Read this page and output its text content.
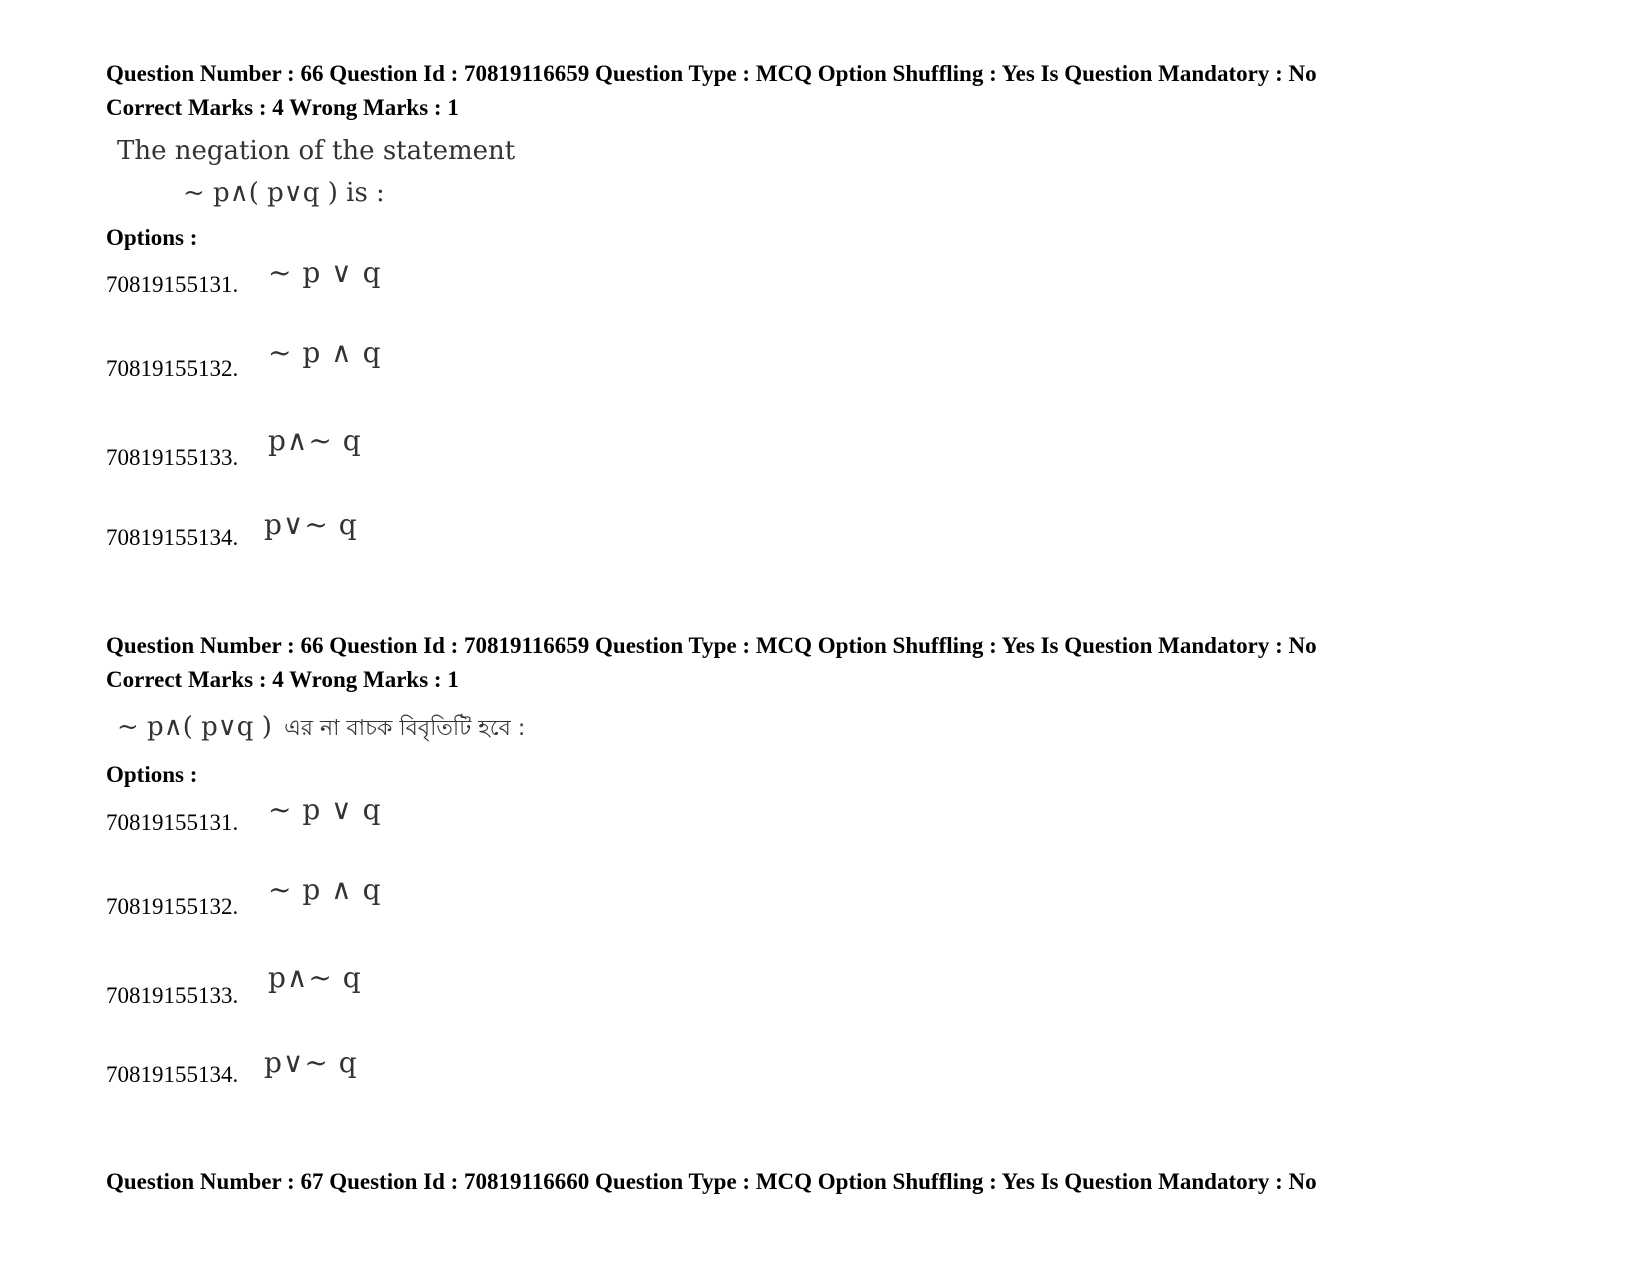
Question Number : 66 Question Id : 70819116659 Question Type : MCQ Option Shuffling : Yes Is Question Mandatory : No
Correct Marks : 4 Wrong Marks : 1
The negation of the statement
~ p∧( p∨q ) is :
Options :
70819155131. ~ p ∨ q
70819155132. ~ p ∧ q
70819155133.
p∧~ q
70819155134. p∨~ q
Question Number : 66 Question Id : 70819116659 Question Type : MCQ Option Shuffling : Yes Is Question Mandatory : No
Correct Marks : 4 Wrong Marks : 1
~ p∧( p∨q ) এর না বাচক বিবৃতিটি হবে :
Options :
70819155131. ~ p ∨ q
70819155132.
~ p ∧ q
70819155133.
p∧~ q
70819155134. p∨~ q
Question Number : 67 Question Id : 70819116660 Question Type : MCQ Option Shuffling : Yes Is Question Mandatory : No
